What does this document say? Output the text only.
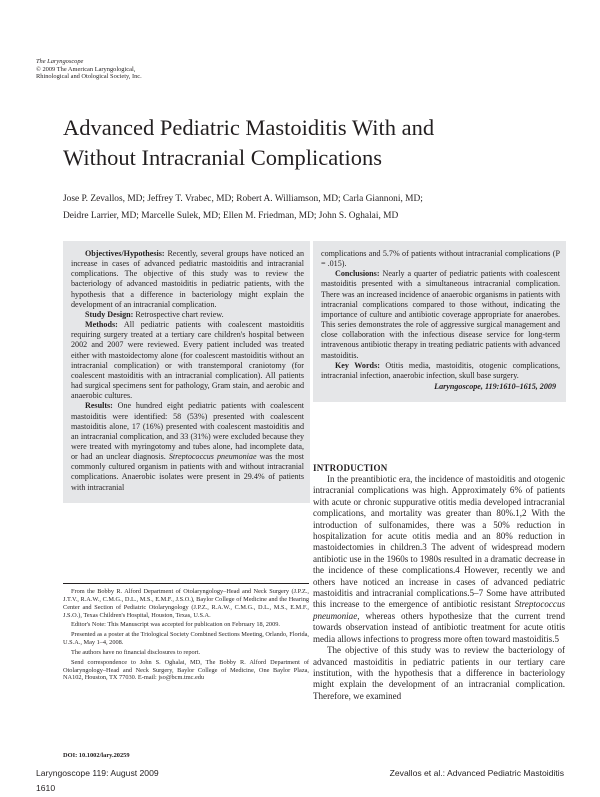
The Laryngoscope
© 2009 The American Laryngological,
Rhinological and Otological Society, Inc.
Advanced Pediatric Mastoiditis With and
Without Intracranial Complications
Jose P. Zevallos, MD; Jeffrey T. Vrabec, MD; Robert A. Williamson, MD; Carla Giannoni, MD;
Deidre Larrier, MD; Marcelle Sulek, MD; Ellen M. Friedman, MD; John S. Oghalai, MD

Objectives/Hypothesis: Recently, several groups have noticed an increase in cases of advanced pediatric mastoiditis and intracranial complications. The objective of this study was to review the bacteriology of advanced mastoiditis in pediatric patients, with the hypothesis that a difference in bacteriology might explain the development of an intracranial complication.

Study Design: Retrospective chart review.

Methods: All pediatric patients with coalescent mastoiditis requiring surgery treated at a tertiary care children's hospital between 2002 and 2007 were reviewed. Every patient included was treated either with mastoidectomy alone (for coalescent mastoiditis without an intracranial complication) or with transtemporal craniotomy (for coalescent mastoiditis with an intracranial complication). All patients had surgical specimens sent for pathology, Gram stain, and aerobic and anaerobic cultures.

Results: One hundred eight pediatric patients with coalescent mastoiditis were identified: 58 (53%) presented with coalescent mastoiditis alone, 17 (16%) presented with coalescent mastoiditis and an intracranial complication, and 33 (31%) were excluded because they were treated with myringotomy and tubes alone, had incomplete data, or had an unclear diagnosis. Streptococcus pneumoniae was the most commonly cultured organism in patients with and without intracranial complications. Anaerobic isolates were present in 29.4% of patients with intracranial

complications and 5.7% of patients without intracranial complications (P = .015).

Conclusions: Nearly a quarter of pediatric patients with coalescent mastoiditis presented with a simultaneous intracranial complication. There was an increased incidence of anaerobic organisms in patients with intracranial complications compared to those without, indicating the importance of culture and antibiotic coverage appropriate for anaerobes. This series demonstrates the role of aggressive surgical management and close collaboration with the infectious disease service for long-term intravenous antibiotic therapy in treating pediatric patients with advanced mastoiditis.

Key Words: Otitis media, mastoiditis, otogenic complications, intracranial infection, anaerobic infection, skull base surgery.

Laryngoscope, 119:1610–1615, 2009
INTRODUCTION

In the preantibiotic era, the incidence of mastoiditis and otogenic intracranial complications was high. Approximately 6% of patients with acute or chronic suppurative otitis media developed intracranial complications, and mortality was greater than 80%.1,2 With the introduction of sulfonamides, there was a 50% reduction in hospitalization for acute otitis media and an 80% reduction in mastoidectomies in children.3 The advent of widespread modern antibiotic use in the 1960s to 1980s resulted in a dramatic decrease in the incidence of these complications.4 However, recently we and others have noticed an increase in cases of advanced pediatric mastoiditis and intracranial complications.5–7 Some have attributed this increase to the emergence of antibiotic resistant Streptococcus pneumoniae, whereas others hypothesize that the current trend towards observation instead of antibiotic treatment for acute otitis media allows infections to progress more often toward mastoiditis.5

The objective of this study was to review the bacteriology of advanced mastoiditis in pediatric patients in our tertiary care institution, with the hypothesis that a difference in bacteriology might explain the development of an intracranial complication. Therefore, we examined

From the Bobby R. Alford Department of Otolaryngology–Head and Neck Surgery (J.P.Z., J.T.V., R.A.W., C.M.G., D.L., M.S., E.M.F., J.S.O.), Baylor College of Medicine and the Hearing Center and Section of Pediatric Otolaryngology (J.P.Z., R.A.W., C.M.G., D.L., M.S., E.M.F., J.S.O.), Texas Children's Hospital, Houston, Texas, U.S.A.

Editor's Note: This Manuscript was accepted for publication on February 18, 2009.

Presented as a poster at the Triological Society Combined Sections Meeting, Orlando, Florida, U.S.A., May 1–4, 2008.

The authors have no financial disclosures to report.

Send correspondence to John S. Oghalai, MD, The Bobby R. Alford Department of Otolaryngology–Head and Neck Surgery, Baylor College of Medicine, One Baylor Plaza, NA102, Houston, TX 77030. E-mail: jso@bcm.tmc.edu

DOI: 10.1002/lary.20259
Laryngoscope 119: August 2009	Zevallos et al.: Advanced Pediatric Mastoiditis
1610
